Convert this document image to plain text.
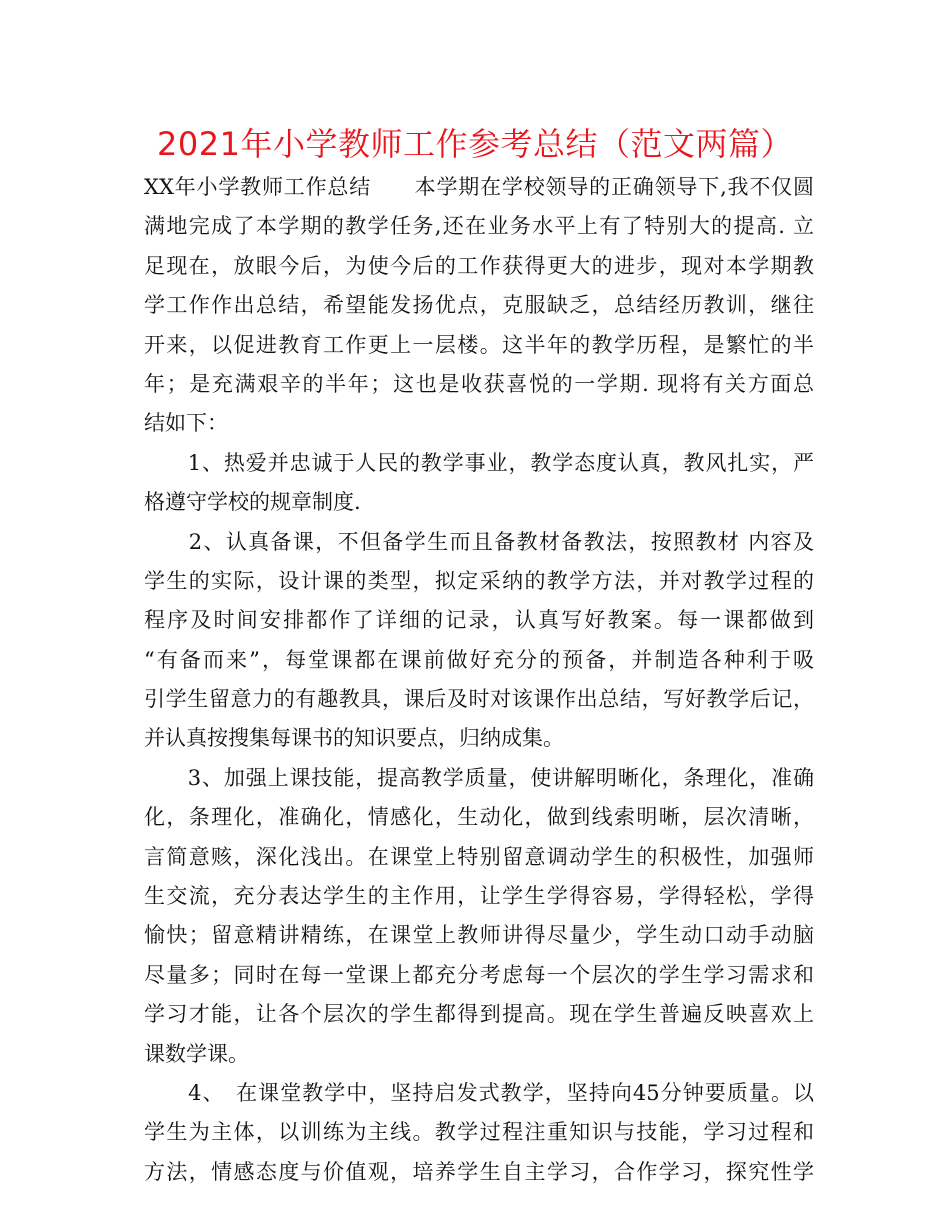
2021年小学教师工作参考总结（范文两篇）
XX年小学教师工作总结　　本学期在学校领导的正确领导下,我不仅圆
满地完成了本学期的教学任务,还在业务水平上有了特别大的提高. 立
足现在，放眼今后，为使今后的工作获得更大的进步，现对本学期教
学工作作出总结，希望能发扬优点，克服缺乏，总结经历教训，继往
开来，以促进教育工作更上一层楼。这半年的教学历程，是繁忙的半
年；是充满艰辛的半年；这也是收获喜悦的一学期. 现将有关方面总
结如下：
　　1、热爱并忠诚于人民的教学事业，教学态度认真，教风扎实，严
格遵守学校的规章制度.
　　2、认真备课，不但备学生而且备教材备教法，按照教材 内容及
学生的实际，设计课的类型，拟定采纳的教学方法，并对教学过程的
程序及时间安排都作了详细的记录，认真写好教案。每一课都做到
“有备而来”，每堂课都在课前做好充分的预备，并制造各种利于吸
引学生留意力的有趣教具，课后及时对该课作出总结，写好教学后记，
并认真按搜集每课书的知识要点，归纳成集。
　　3、加强上课技能，提高教学质量，使讲解明晰化，条理化，准确
化，条理化，准确化，情感化，生动化，做到线索明晰，层次清晰，
言简意赅，深化浅出。在课堂上特别留意调动学生的积极性，加强师
生交流，充分表达学生的主作用，让学生学得容易，学得轻松，学得
愉快；留意精讲精练，在课堂上教师讲得尽量少，学生动口动手动脑
尽量多；同时在每一堂课上都充分考虑每一个层次的学生学习需求和
学习才能，让各个层次的学生都得到提高。现在学生普遍反映喜欢上
课数学课。
　　4、　在课堂教学中，坚持启发式教学，坚持向45分钟要质量。以
学生为主体，以训练为主线。教学过程注重知识与技能，学习过程和
方法，情感态度与价值观，培养学生自主学习，合作学习，探究性学
